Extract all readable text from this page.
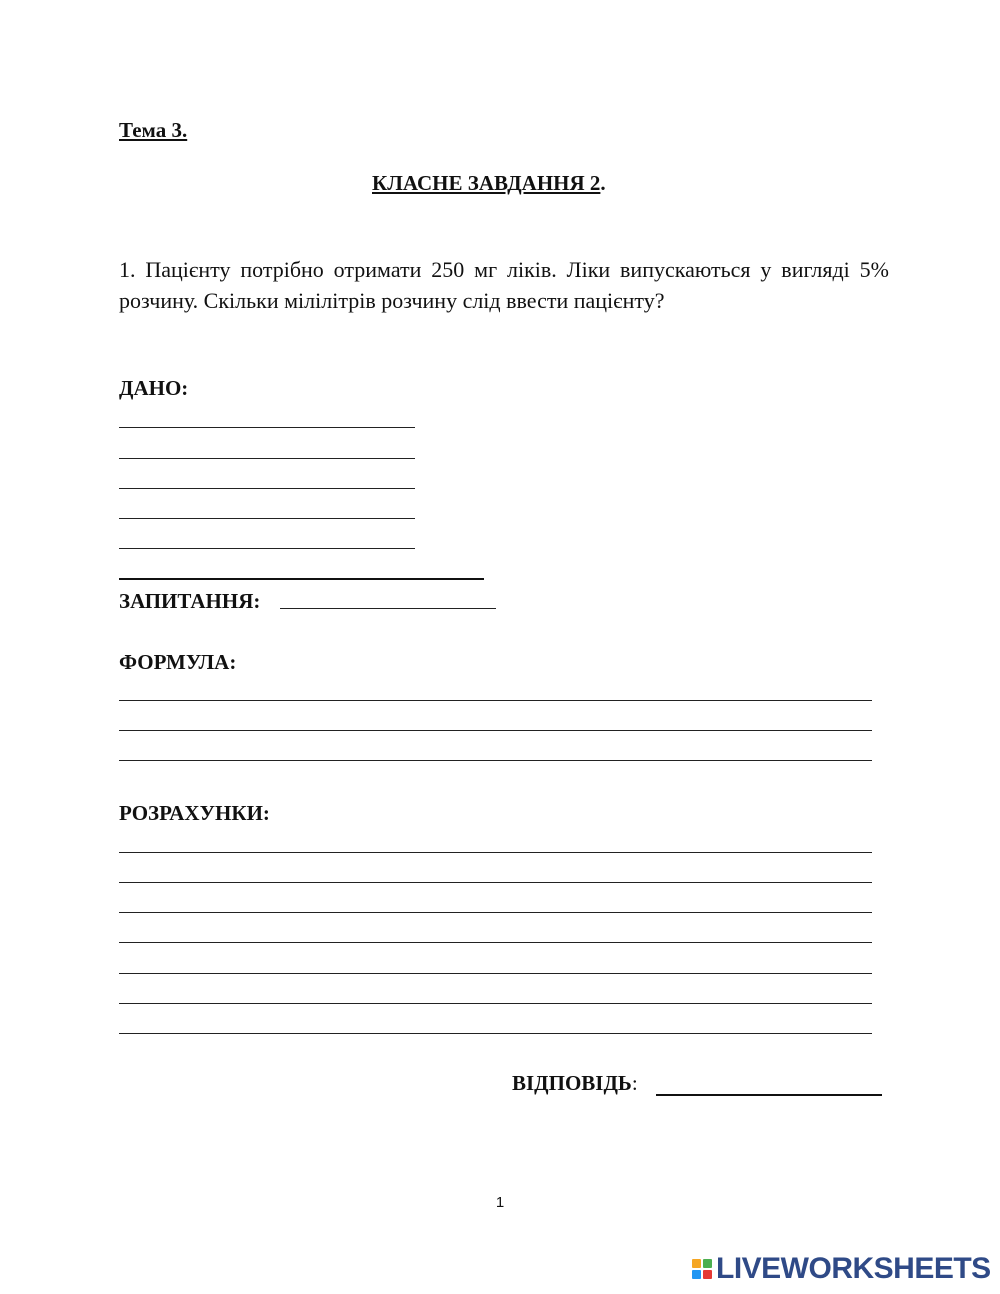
Тема 3.
КЛАСНЕ ЗАВДАННЯ 2.
1. Пацієнту потрібно отримати 250 мг ліків. Ліки випускаються у вигляді 5% розчину. Скільки мілілітрів розчину слід ввести пацієнту?
ДАНО:
ЗАПИТАННЯ:
ФОРМУЛА:
РОЗРАХУНКИ:
ВІДПОВІДЬ:
1
LIVEWORKSHEETS
